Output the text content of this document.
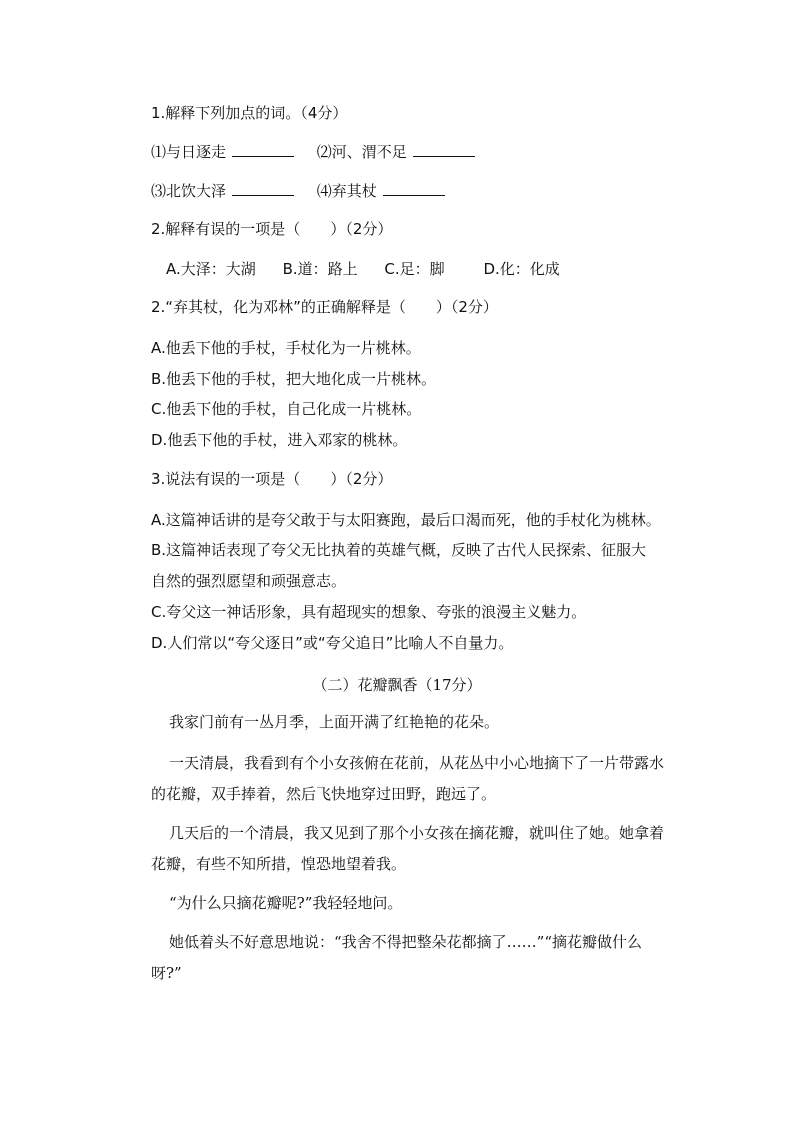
1.解释下列加点的词。（4分）
⑴与日逐走	⑵河、渭不足
⑶北饮大泽	⑷弃其杖
2.解释有误的一项是（　　）（2分）
A.大泽：大湖 B.道：路上 C.足：脚	D.化：化成
2.“弃其杖，化为邓林”的正确解释是（　　）（2分）
A.他丢下他的手杖，手杖化为一片桃林。
B.他丢下他的手杖，把大地化成一片桃林。
C.他丢下他的手杖，自己化成一片桃林。
D.他丢下他的手杖，进入邓家的桃林。
3.说法有误的一项是（　　）（2分）
A.这篇神话讲的是夸父敢于与太阳赛跑，最后口渴而死，他的手杖化为桃林。
B.这篇神话表现了夸父无比执着的英雄气概，反映了古代人民探索、征服大
自然的强烈愿望和顽强意志。
C.夸父这一神话形象，具有超现实的想象、夸张的浪漫主义魅力。
D.人们常以“夸父逐日”或“夸父追日”比喻人不自量力。
（二）花瓣飘香（17分）
我家门前有一丛月季，上面开满了红艳艳的花朵。
一天清晨，我看到有个小女孩俯在花前，从花丛中小心地摘下了一片带露水
的花瓣，双手捧着，然后飞快地穿过田野，跑远了。
几天后的一个清晨，我又见到了那个小女孩在摘花瓣，就叫住了她。她拿着
花瓣，有些不知所措，惶恐地望着我。
“为什么只摘花瓣呢?”我轻轻地问。
她低着头不好意思地说：“我舍不得把整朵花都摘了……”“摘花瓣做什么
呀?”
